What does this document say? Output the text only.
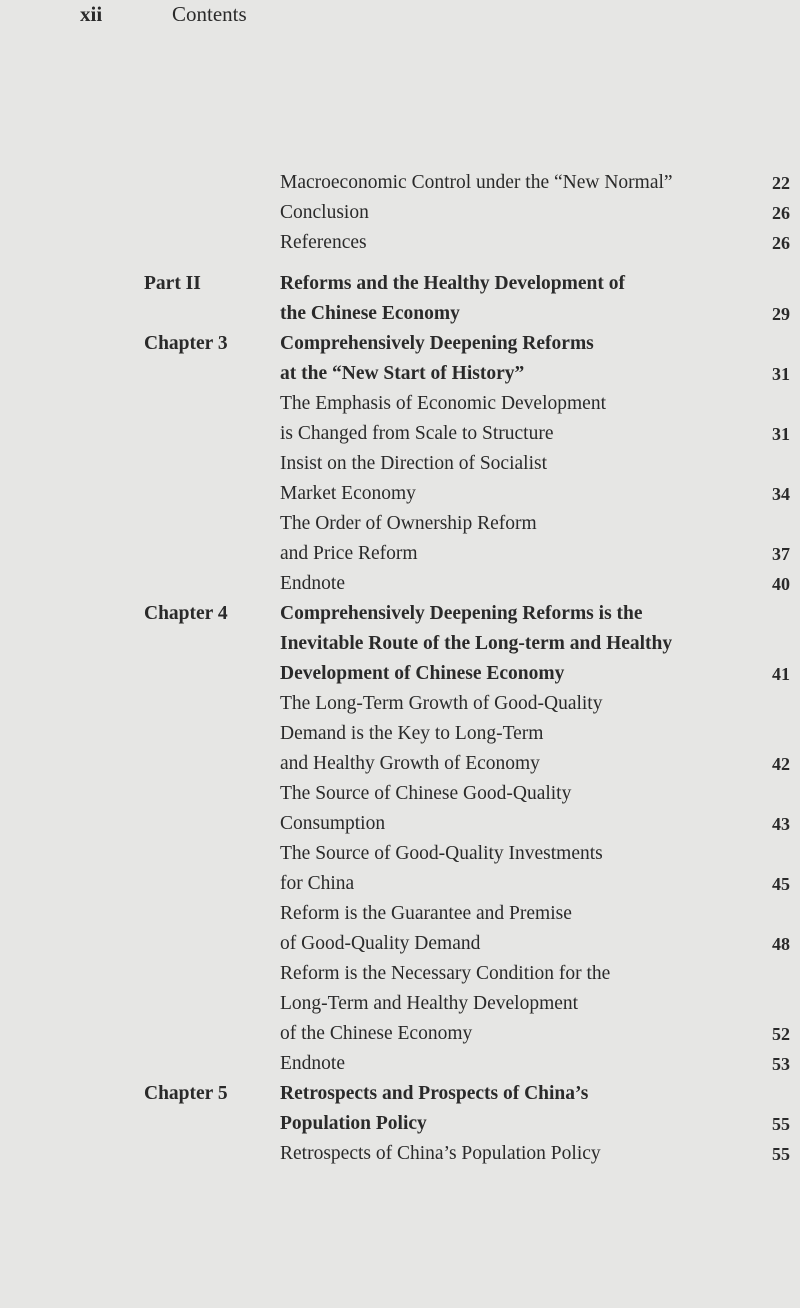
xii	Contents
Macroeconomic Control under the “New Normal”	22
Conclusion	26
References	26
Part II	Reforms and the Healthy Development of
the Chinese Economy	29
Chapter 3	Comprehensively Deepening Reforms
at the “New Start of History”	31
The Emphasis of Economic Development
is Changed from Scale to Structure	31
Insist on the Direction of Socialist
Market Economy	34
The Order of Ownership Reform
and Price Reform	37
Endnote	40
Chapter 4	Comprehensively Deepening Reforms is the
Inevitable Route of the Long-term and Healthy
Development of Chinese Economy	41
The Long-Term Growth of Good-Quality
Demand is the Key to Long-Term
and Healthy Growth of Economy	42
The Source of Chinese Good-Quality
Consumption	43
The Source of Good-Quality Investments
for China	45
Reform is the Guarantee and Premise
of Good-Quality Demand	48
Reform is the Necessary Condition for the
Long-Term and Healthy Development
of the Chinese Economy	52
Endnote	53
Chapter 5	Retrospects and Prospects of China’s
Population Policy	55
Retrospects of China’s Population Policy	55
